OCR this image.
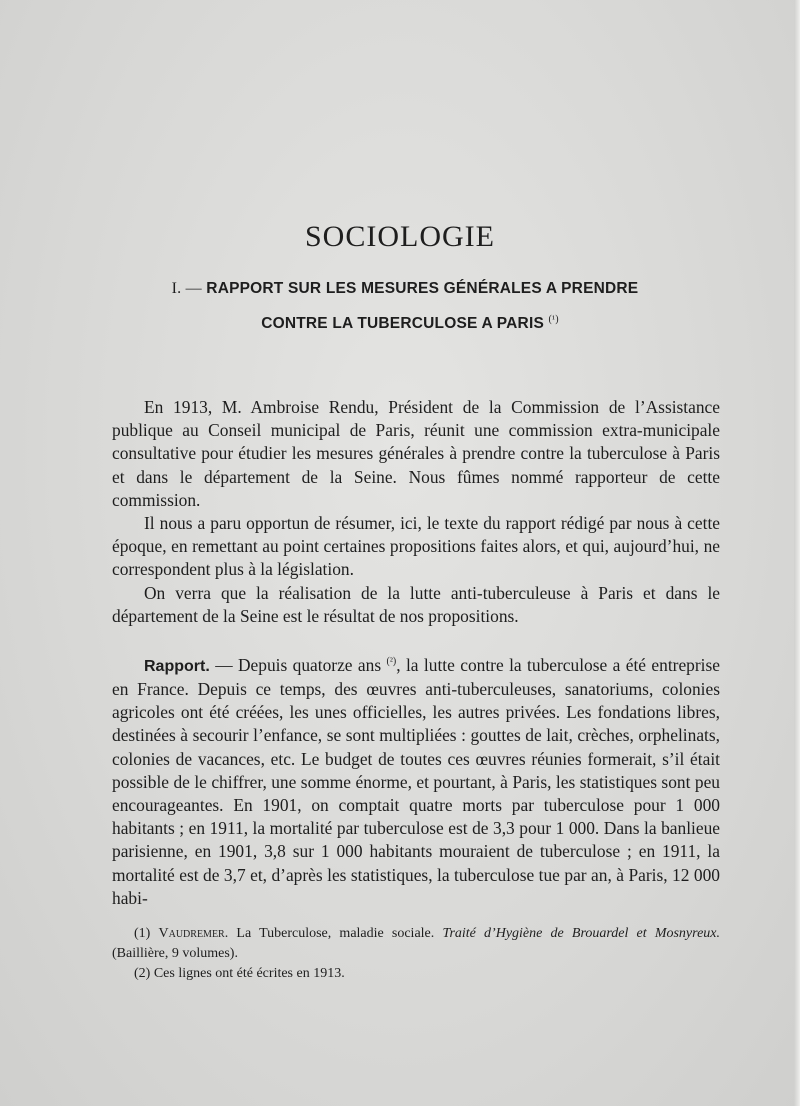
SOCIOLOGIE
I. — RAPPORT SUR LES MESURES GÉNÉRALES A PRENDRE
CONTRE LA TUBERCULOSE A PARIS $^{(^1)}$

En 1913, M. Ambroise Rendu, Président de la Commission de l’Assistance publique au Conseil municipal de Paris, réunit une commission extra-municipale consultative pour étudier les mesures générales à prendre contre la tuberculose à Paris et dans le département de la Seine. Nous fûmes nommé rapporteur de cette commission.

Il nous a paru opportun de résumer, ici, le texte du rapport rédigé par nous à cette époque, en remettant au point certaines propositions faites alors, et qui, aujourd’hui, ne correspondent plus à la législation.

On verra que la réalisation de la lutte anti-tuberculeuse à Paris et dans le département de la Seine est le résultat de nos propositions.

Rapport. — Depuis quatorze ans $^{(^2)}$, la lutte contre la tuberculose a été entreprise en France. Depuis ce temps, des œuvres anti-tuberculeuses, sanatoriums, colonies agricoles ont été créées, les unes officielles, les autres privées. Les fondations libres, destinées à secourir l’enfance, se sont multipliées : gouttes de lait, crèches, orphelinats, colonies de vacances, etc. Le budget de toutes ces œuvres réunies formerait, s’il était possible de le chiffrer, une somme énorme, et pourtant, à Paris, les statistiques sont peu encourageantes. En 1901, on comptait quatre morts par tuberculose pour 1 000 habitants ; en 1911, la mortalité par tuberculose est de 3,3 pour 1 000. Dans la banlieue parisienne, en 1901, 3,8 sur 1 000 habitants mouraient de tuberculose ; en 1911, la mortalité est de 3,7 et, d’après les statistiques, la tuberculose tue par an, à Paris, 12 000 habi-

(1) Vaudremer. La Tuberculose, maladie sociale. Traité d’Hygiène de Brouardel et Mosnyreux. (Baillière, 9 volumes).

(2) Ces lignes ont été écrites en 1913.
